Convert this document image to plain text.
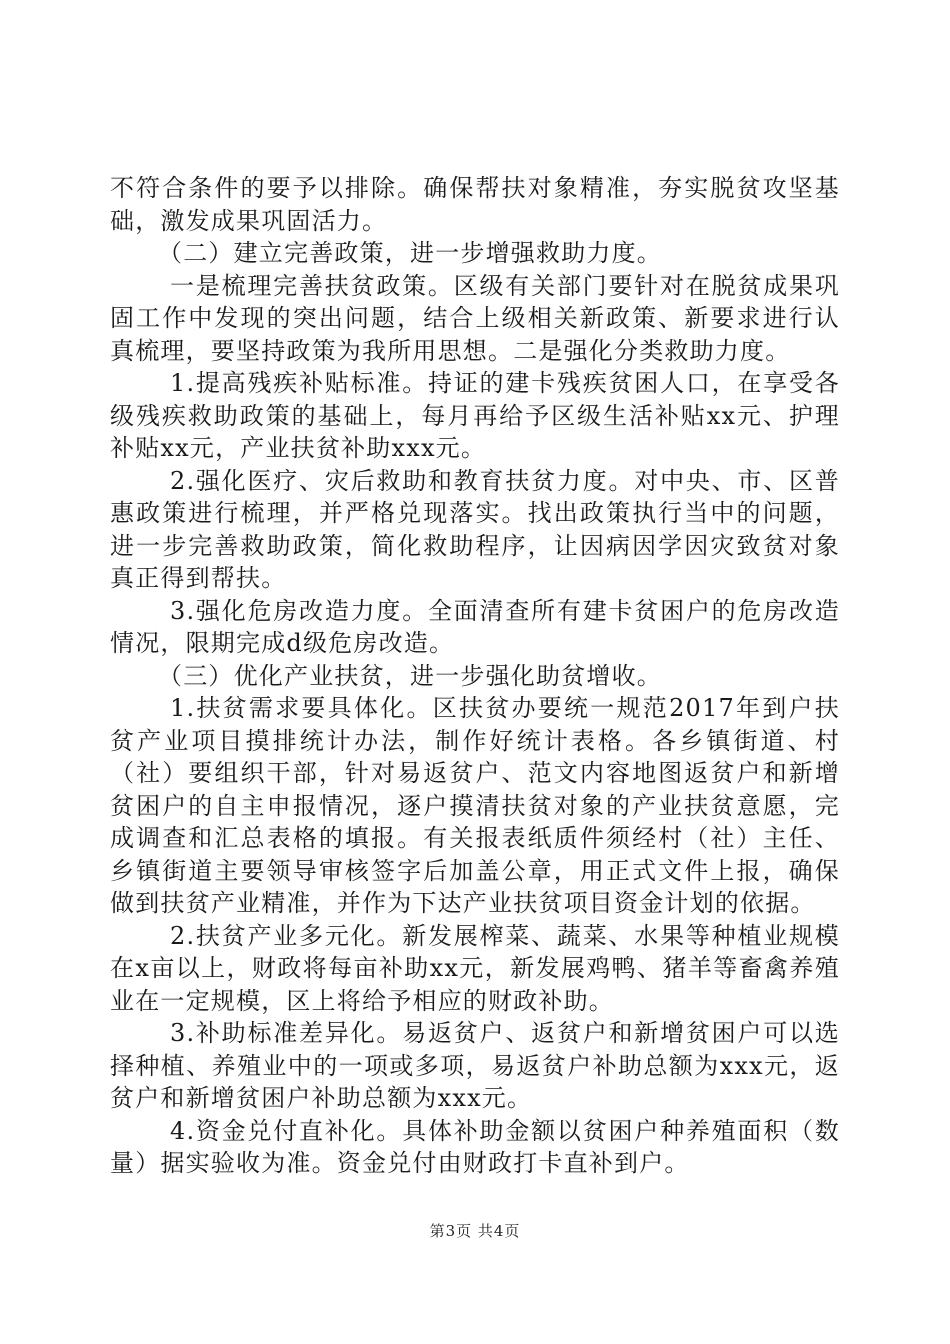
不符合条件的要予以排除。确保帮扶对象精准，夯实脱贫攻坚基础，激发成果巩固活力。

（二）建立完善政策，进一步增强救助力度。

一是梳理完善扶贫政策。区级有关部门要针对在脱贫成果巩固工作中发现的突出问题，结合上级相关新政策、新要求进行认真梳理，要坚持政策为我所用思想。二是强化分类救助力度。

1.提高残疾补贴标准。持证的建卡残疾贫困人口，在享受各级残疾救助政策的基础上，每月再给予区级生活补贴xx元、护理补贴xx元，产业扶贫补助xxx元。

2.强化医疗、灾后救助和教育扶贫力度。对中央、市、区普惠政策进行梳理，并严格兑现落实。找出政策执行当中的问题，进一步完善救助政策，简化救助程序，让因病因学因灾致贫对象真正得到帮扶。

3.强化危房改造力度。全面清查所有建卡贫困户的危房改造情况，限期完成d级危房改造。

（三）优化产业扶贫，进一步强化助贫增收。

1.扶贫需求要具体化。区扶贫办要统一规范2017年到户扶贫产业项目摸排统计办法，制作好统计表格。各乡镇街道、村（社）要组织干部，针对易返贫户、范文内容地图返贫户和新增贫困户的自主申报情况，逐户摸清扶贫对象的产业扶贫意愿，完成调查和汇总表格的填报。有关报表纸质件须经村（社）主任、乡镇街道主要领导审核签字后加盖公章，用正式文件上报，确保做到扶贫产业精准，并作为下达产业扶贫项目资金计划的依据。

2.扶贫产业多元化。新发展榨菜、蔬菜、水果等种植业规模在x亩以上，财政将每亩补助xx元，新发展鸡鸭、猪羊等畜禽养殖业在一定规模，区上将给予相应的财政补助。

3.补助标准差异化。易返贫户、返贫户和新增贫困户可以选择种植、养殖业中的一项或多项，易返贫户补助总额为xxx元，返贫户和新增贫困户补助总额为xxx元。

4.资金兑付直补化。具体补助金额以贫困户种养殖面积（数量）据实验收为准。资金兑付由财政打卡直补到户。

第3页 共4页
